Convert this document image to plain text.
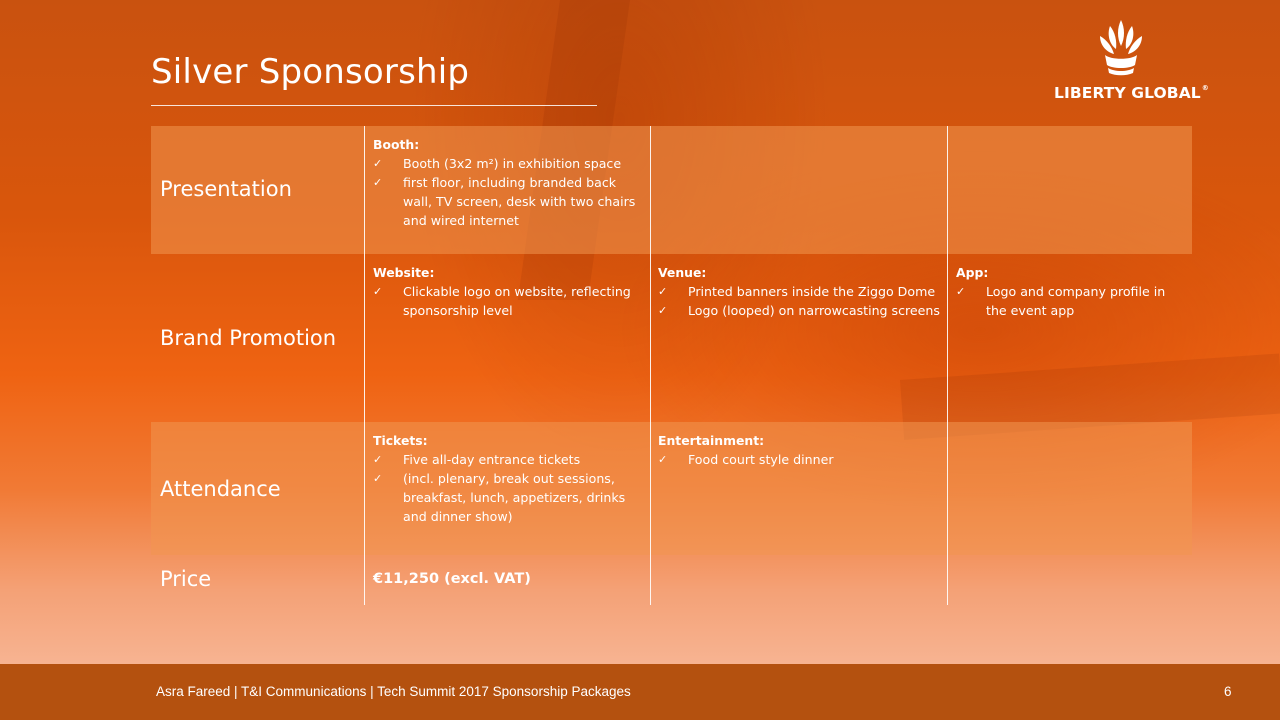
Silver Sponsorship
LIBERTY GLOBAL®
Presentation
Booth:
✓ Booth (3x2 m²) in exhibition space
✓ first floor, including branded back wall, TV screen, desk with two chairs and wired internet
Brand Promotion
Website:
✓ Clickable logo on website, reflecting sponsorship level
Venue:
✓ Printed banners inside the Ziggo Dome
✓ Logo (looped) on narrowcasting screens
App:
✓ Logo and company profile in the event app
Attendance
Tickets:
✓ Five all-day entrance tickets
✓ (incl. plenary, break out sessions, breakfast, lunch, appetizers, drinks and dinner show)
Entertainment:
✓ Food court style dinner
Price	€11,250 (excl. VAT)
Asra Fareed | T&I Communications | Tech Summit 2017 Sponsorship Packages	6
